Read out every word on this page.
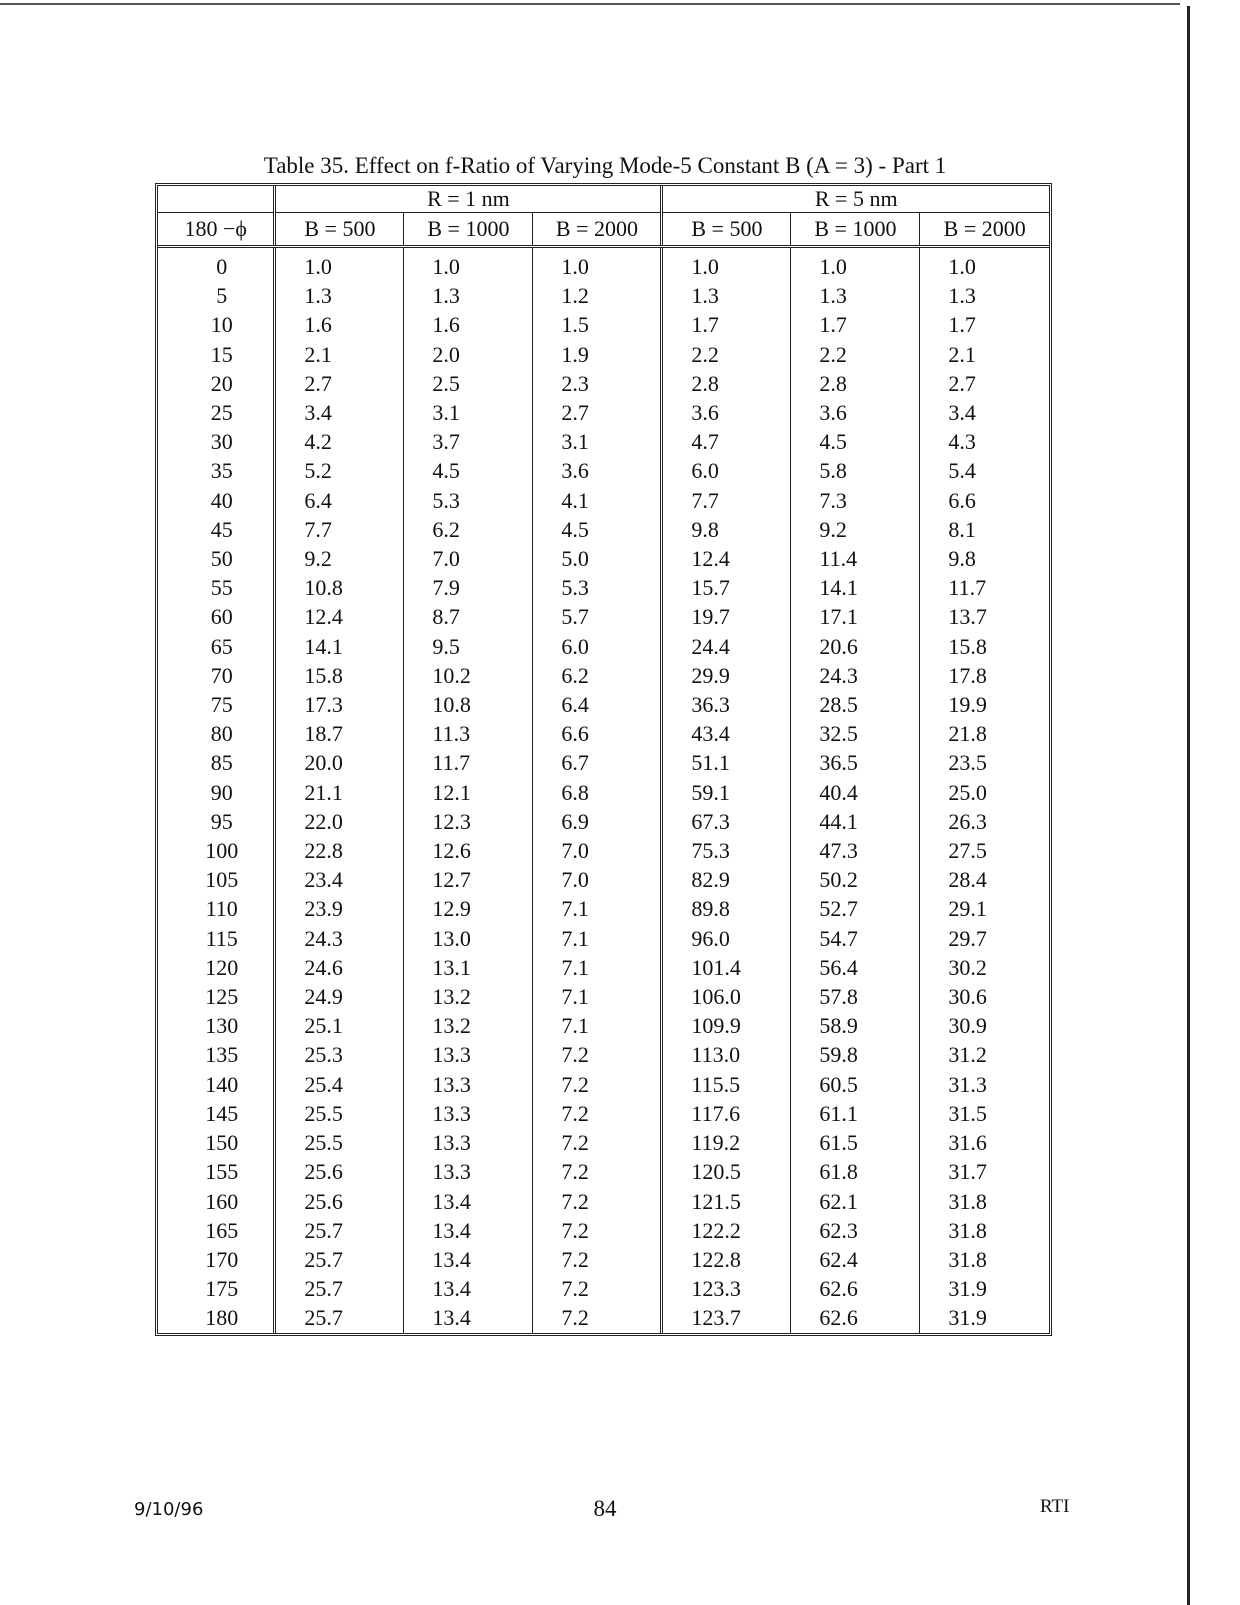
Table 35. Effect on f-Ratio of Varying Mode-5 Constant B (A = 3) - Part 1
	R = 1 nm			R = 5 nm		
180 −ϕ	B = 500	B = 1000	B = 2000	B = 500	B = 1000	B = 2000
0	1.0	1.0	1.0	1.0	1.0	1.0
5	1.3	1.3	1.2	1.3	1.3	1.3
10	1.6	1.6	1.5	1.7	1.7	1.7
15	2.1	2.0	1.9	2.2	2.2	2.1
20	2.7	2.5	2.3	2.8	2.8	2.7
25	3.4	3.1	2.7	3.6	3.6	3.4
30	4.2	3.7	3.1	4.7	4.5	4.3
35	5.2	4.5	3.6	6.0	5.8	5.4
40	6.4	5.3	4.1	7.7	7.3	6.6
45	7.7	6.2	4.5	9.8	9.2	8.1
50	9.2	7.0	5.0	12.4	11.4	9.8
55	10.8	7.9	5.3	15.7	14.1	11.7
60	12.4	8.7	5.7	19.7	17.1	13.7
65	14.1	9.5	6.0	24.4	20.6	15.8
70	15.8	10.2	6.2	29.9	24.3	17.8
75	17.3	10.8	6.4	36.3	28.5	19.9
80	18.7	11.3	6.6	43.4	32.5	21.8
85	20.0	11.7	6.7	51.1	36.5	23.5
90	21.1	12.1	6.8	59.1	40.4	25.0
95	22.0	12.3	6.9	67.3	44.1	26.3
100	22.8	12.6	7.0	75.3	47.3	27.5
105	23.4	12.7	7.0	82.9	50.2	28.4
110	23.9	12.9	7.1	89.8	52.7	29.1
115	24.3	13.0	7.1	96.0	54.7	29.7
120	24.6	13.1	7.1	101.4	56.4	30.2
125	24.9	13.2	7.1	106.0	57.8	30.6
130	25.1	13.2	7.1	109.9	58.9	30.9
135	25.3	13.3	7.2	113.0	59.8	31.2
140	25.4	13.3	7.2	115.5	60.5	31.3
145	25.5	13.3	7.2	117.6	61.1	31.5
150	25.5	13.3	7.2	119.2	61.5	31.6
155	25.6	13.3	7.2	120.5	61.8	31.7
160	25.6	13.4	7.2	121.5	62.1	31.8
165	25.7	13.4	7.2	122.2	62.3	31.8
170	25.7	13.4	7.2	122.8	62.4	31.8
175	25.7	13.4	7.2	123.3	62.6	31.9
180	25.7	13.4	7.2	123.7	62.6	31.9
9/10/96	84	RTI
